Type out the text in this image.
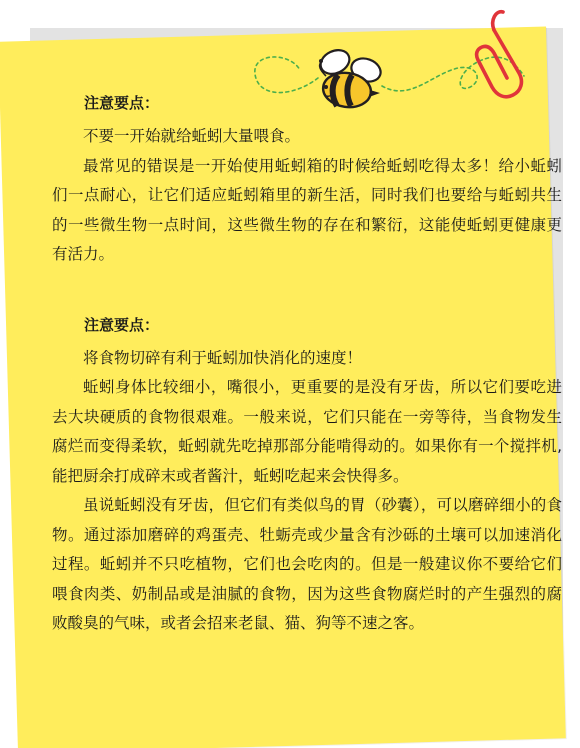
注意要点：

不要一开始就给蚯蚓大量喂食。

最常见的错误是一开始使用蚯蚓箱的时候给蚯蚓吃得太多！给小蚯蚓们一点耐心，让它们适应蚯蚓箱里的新生活，同时我们也要给与蚯蚓共生的一些微生物一点时间，这些微生物的存在和繁衍，这能使蚯蚓更健康更有活力。

注意要点：

将食物切碎有利于蚯蚓加快消化的速度！

蚯蚓身体比较细小，嘴很小，更重要的是没有牙齿，所以它们要吃进去大块硬质的食物很艰难。一般来说，它们只能在一旁等待，当食物发生腐烂而变得柔软，蚯蚓就先吃掉那部分能啃得动的。如果你有一个搅拌机,能把厨余打成碎末或者酱汁，蚯蚓吃起来会快得多。

虽说蚯蚓没有牙齿，但它们有类似鸟的胃（砂囊），可以磨碎细小的食物。通过添加磨碎的鸡蛋壳、牡蛎壳或少量含有沙砾的土壤可以加速消化过程。蚯蚓并不只吃植物，它们也会吃肉的。但是一般建议你不要给它们喂食肉类、奶制品或是油腻的食物，因为这些食物腐烂时的产生强烈的腐败酸臭的气味，或者会招来老鼠、猫、狗等不速之客。
